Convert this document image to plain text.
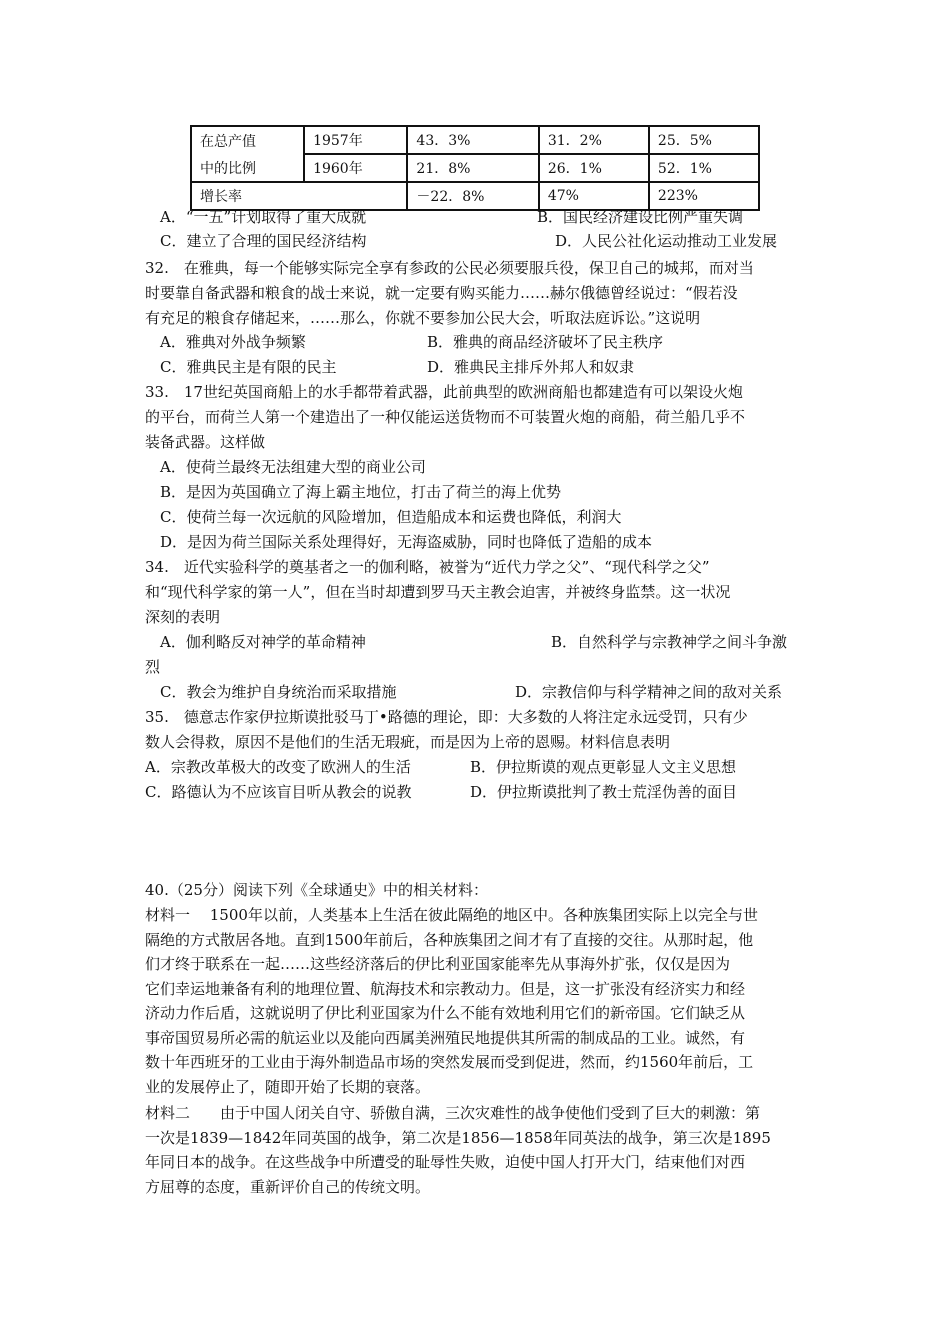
在总产值	1957年	43．3%	31．2%	25．5%
中的比例	1960年	21．8%	26．1%	52．1%
增长率		－22．8%	47%	223%
A．“一五”计划取得了重大成就	B．国民经济建设比例严重失调
C．建立了合理的国民经济结构	D．人民公社化运动推动工业发展
32.　在雅典，每一个能够实际完全享有参政的公民必须要服兵役，保卫自己的城邦，而对当
时要靠自备武器和粮食的战士来说，就一定要有购买能力……赫尔俄德曾经说过：“假若没
有充足的粮食存储起来，……那么，你就不要参加公民大会，听取法庭诉讼。”这说明
A．雅典对外战争频繁	B．雅典的商品经济破坏了民主秩序
C．雅典民主是有限的民主	D．雅典民主排斥外邦人和奴隶
33.　17世纪英国商船上的水手都带着武器，此前典型的欧洲商船也都建造有可以架设火炮
的平台，而荷兰人第一个建造出了一种仅能运送货物而不可装置火炮的商船，荷兰船几乎不
装备武器。这样做
A．使荷兰最终无法组建大型的商业公司
B．是因为英国确立了海上霸主地位，打击了荷兰的海上优势
C．使荷兰每一次远航的风险增加，但造船成本和运费也降低，利润大
D．是因为荷兰国际关系处理得好，无海盗威胁，同时也降低了造船的成本
34.　近代实验科学的奠基者之一的伽利略，被誉为“近代力学之父”、“现代科学之父”
和“现代科学家的第一人”，但在当时却遭到罗马天主教会迫害，并被终身监禁。这一状况
深刻的表明
A．伽利略反对神学的革命精神	B．自然科学与宗教神学之间斗争激
烈
C．教会为维护自身统治而采取措施	D．宗教信仰与科学精神之间的敌对关系
35.　德意志作家伊拉斯谟批驳马丁•路德的理论，即：大多数的人将注定永远受罚，只有少
数人会得救，原因不是他们的生活无瑕疵，而是因为上帝的恩赐。材料信息表明
A．宗教改革极大的改变了欧洲人的生活	B．伊拉斯谟的观点更彰显人文主义思想
C．路德认为不应该盲目听从教会的说教	D．伊拉斯谟批判了教士荒淫伪善的面目
40.（25分）阅读下列《全球通史》中的相关材料：

材料一　 1500年以前，人类基本上生活在彼此隔绝的地区中。各种族集团实际上以完全与世

隔绝的方式散居各地。直到1500年前后，各种族集团之间才有了直接的交往。从那时起，他

们才终于联系在一起……这些经济落后的伊比利亚国家能率先从事海外扩张，仅仅是因为

它们幸运地兼备有利的地理位置、航海技术和宗教动力。但是，这一扩张没有经济实力和经

济动力作后盾，这就说明了伊比利亚国家为什么不能有效地利用它们的新帝国。它们缺乏从

事帝国贸易所必需的航运业以及能向西属美洲殖民地提供其所需的制成品的工业。诚然，有

数十年西班牙的工业由于海外制造品市场的突然发展而受到促进，然而，约1560年前后，工

业的发展停止了，随即开始了长期的衰落。

材料二　　由于中国人闭关自守、骄傲自满，三次灾难性的战争使他们受到了巨大的刺激：第

一次是1839—1842年同英国的战争，第二次是1856—1858年同英法的战争，第三次是1895

年同日本的战争。在这些战争中所遭受的耻辱性失败，迫使中国人打开大门，结束他们对西

方屈尊的态度，重新评价自己的传统文明。
